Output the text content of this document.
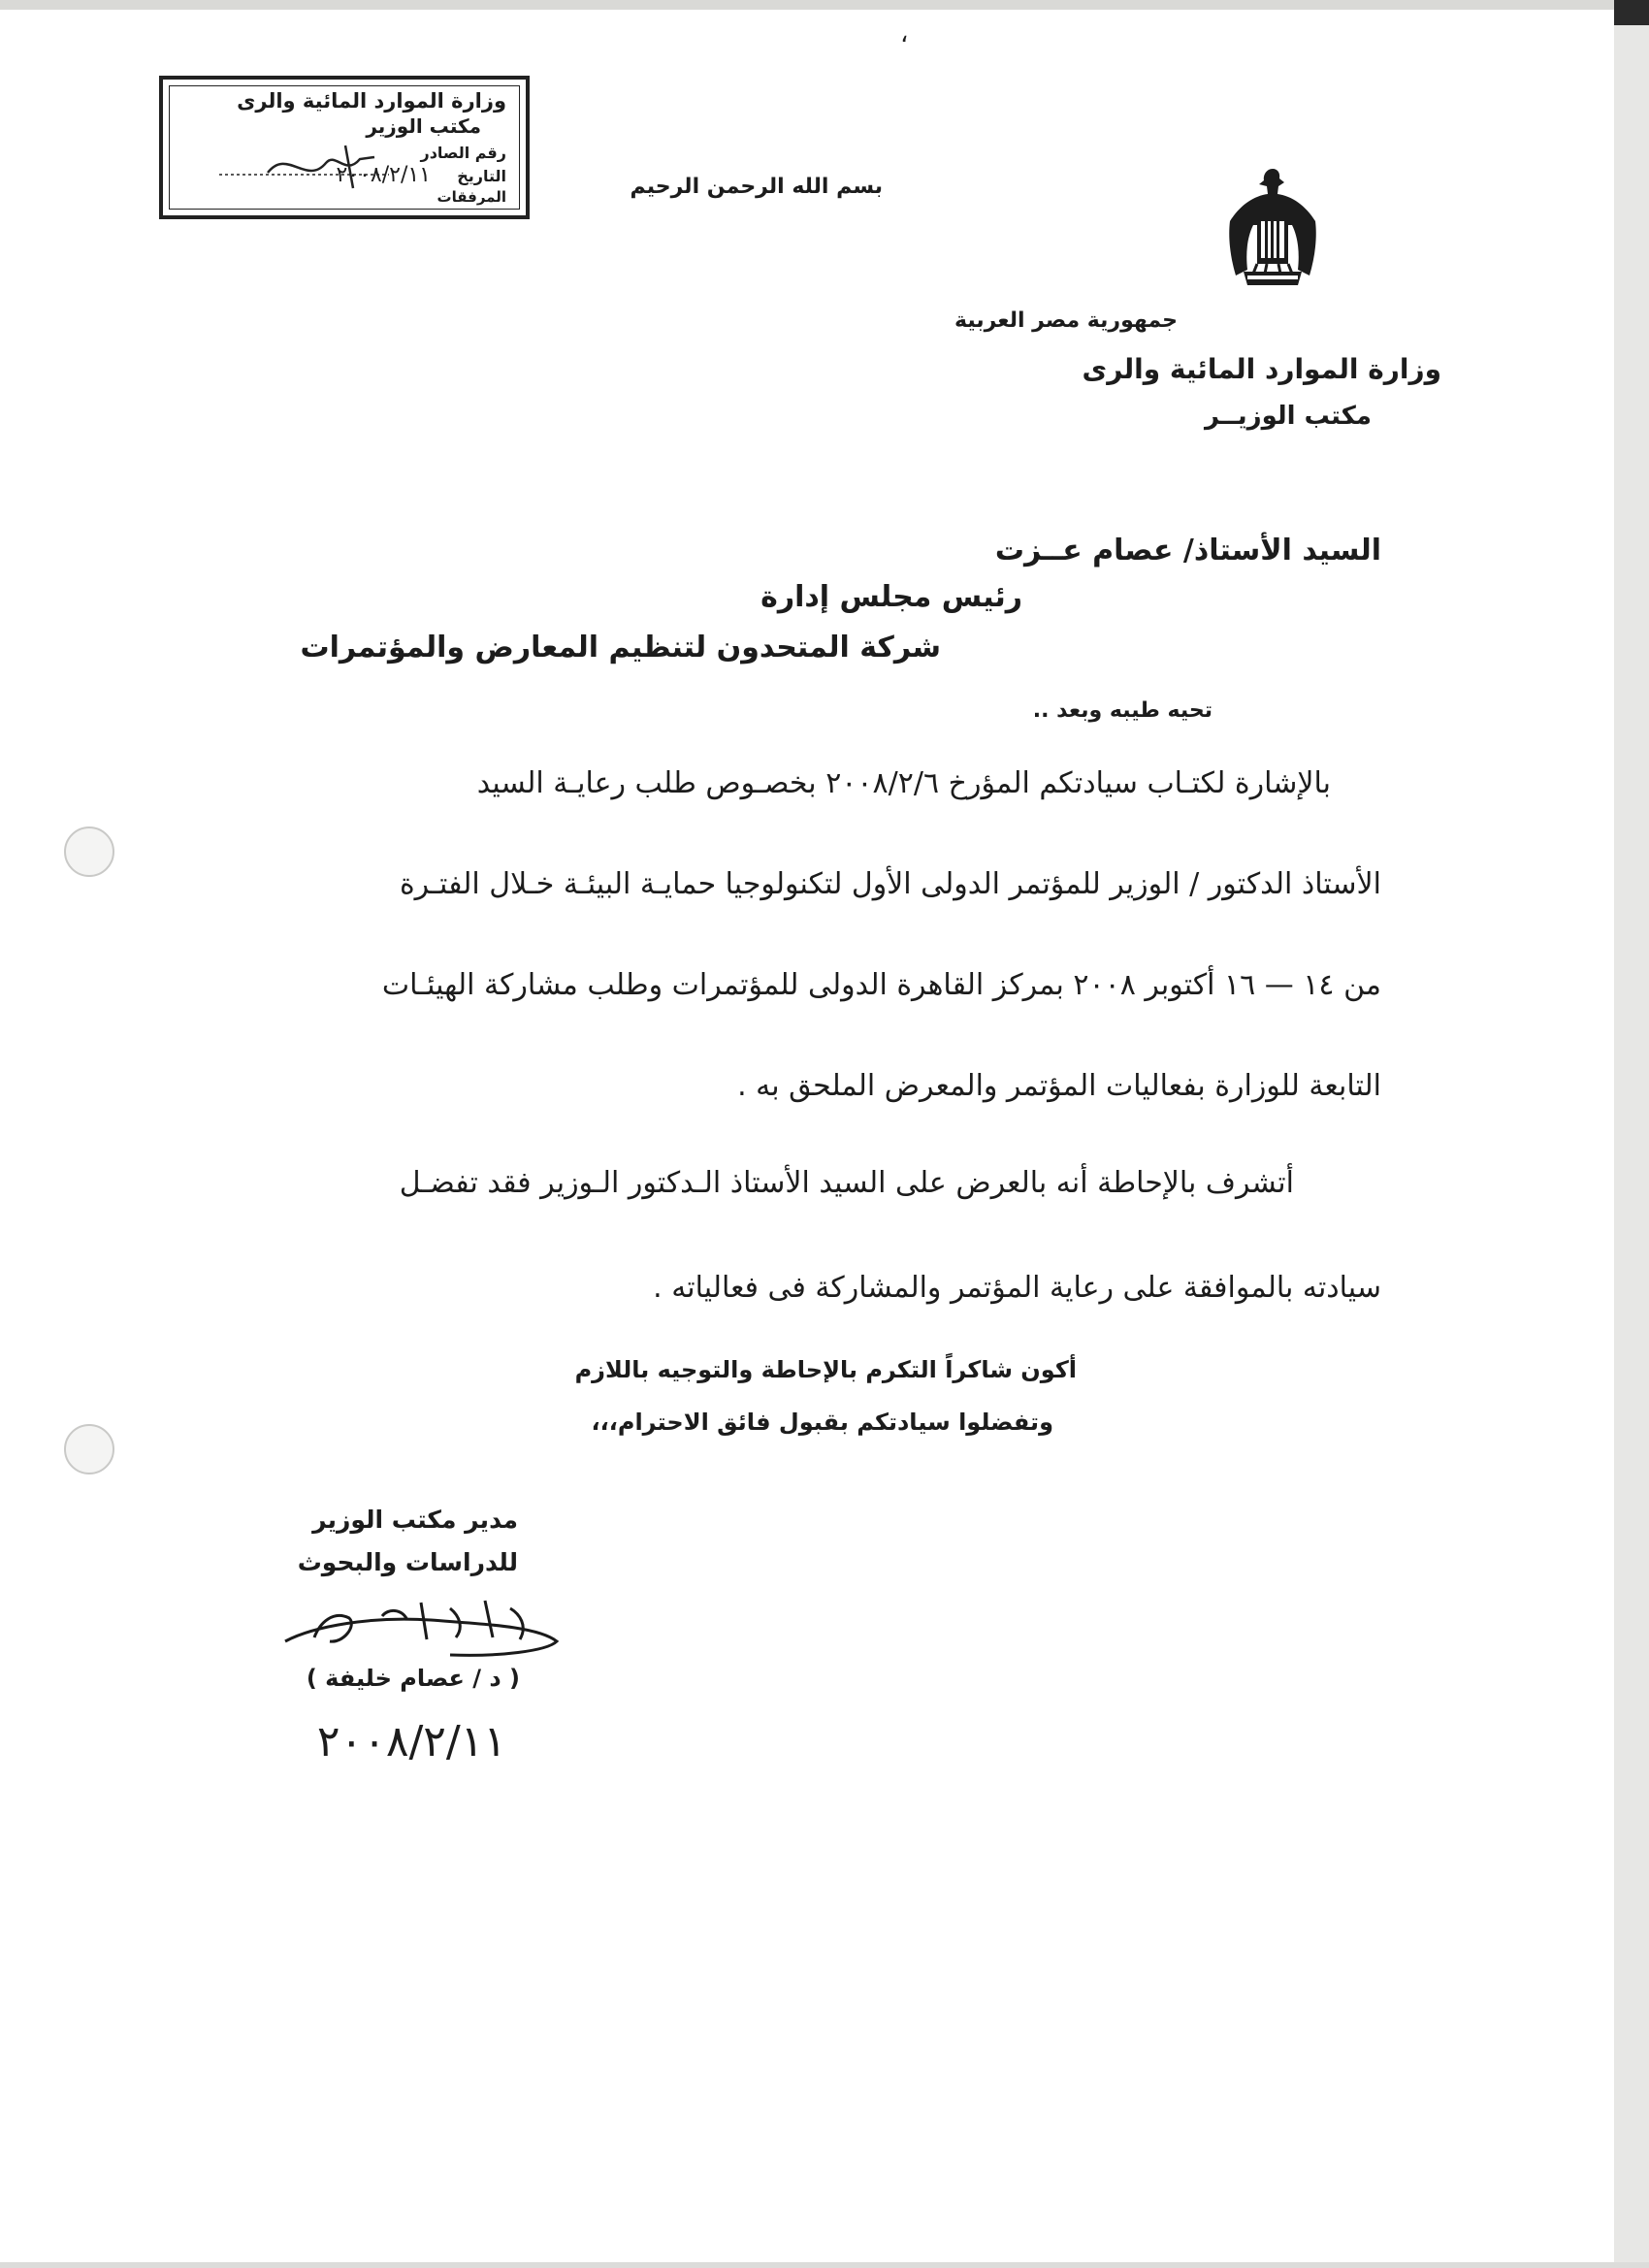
،
وزارة الموارد المائية والرى
مكتب الوزير
رقم الصادر
التاريخ
٢٠٠٨/٢/١١
المرفقات	بسم الله الرحمن الرحيم
جمهورية مصر العربية
وزارة الموارد المائية والرى
مكتب الوزيــر
السيد الأستاذ/ عصام عــزت
رئيس مجلس إدارة
شركة المتحدون لتنظيم المعارض والمؤتمرات
تحيه طيبه وبعد ..
بالإشارة لكتـاب سيادتكم المؤرخ ٢٠٠٨/٢/٦ بخصـوص طلب رعايـة السيد
الأستاذ الدكتور / الوزير للمؤتمر الدولى الأول لتكنولوجيا حمايـة البيئـة خـلال الفتـرة
من ١٤ — ١٦ أكتوبر ٢٠٠٨ بمركز القاهرة الدولى للمؤتمرات وطلب مشاركة الهيئـات
التابعة للوزارة بفعاليات المؤتمر والمعرض الملحق به .
أتشرف بالإحاطة أنه بالعرض على السيد الأستاذ الـدكتور الـوزير فقد تفضـل
سيادته بالموافقة على رعاية المؤتمر والمشاركة فى فعالياته .
أكون شاكراً التكرم بالإحاطة والتوجيه باللازم
وتفضلوا سيادتكم بقبول فائق الاحترام،،،
مدير مكتب الوزير
للدراسات والبحوث
( د / عصام خليفة )
٢٠٠٨/٢/١١
